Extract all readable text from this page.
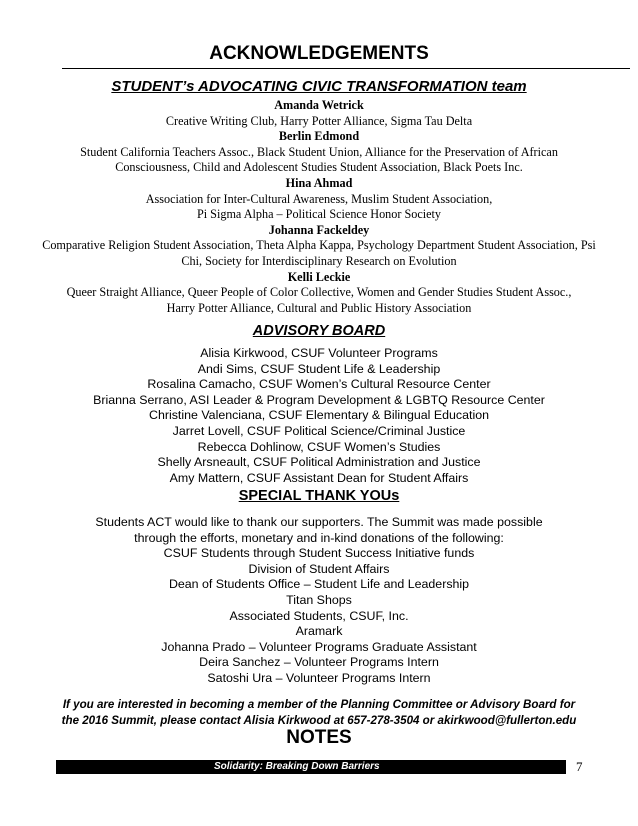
ACKNOWLEDGEMENTS
STUDENT’s ADVOCATING CIVIC TRANSFORMATION team
Amanda Wetrick
Creative Writing Club, Harry Potter Alliance, Sigma Tau Delta
Berlin Edmond
Student California Teachers Assoc., Black Student Union, Alliance for the Preservation of African
Consciousness, Child and Adolescent Studies Student Association, Black Poets Inc.
Hina Ahmad
Association for Inter-Cultural Awareness, Muslim Student Association,
Pi Sigma Alpha – Political Science Honor Society
Johanna Fackeldey
Comparative Religion Student Association, Theta Alpha Kappa, Psychology Department Student Association, Psi
Chi, Society for Interdisciplinary Research on Evolution
Kelli Leckie
Queer Straight Alliance, Queer People of Color Collective, Women and Gender Studies Student Assoc.,
Harry Potter Alliance, Cultural and Public History Association
ADVISORY BOARD
Alisia Kirkwood, CSUF Volunteer Programs
Andi Sims, CSUF Student Life & Leadership
Rosalina Camacho, CSUF Women’s Cultural Resource Center
Brianna Serrano, ASI Leader & Program Development & LGBTQ Resource Center
Christine Valenciana, CSUF Elementary & Bilingual Education
Jarret Lovell, CSUF Political Science/Criminal Justice
Rebecca Dohlinow, CSUF Women’s Studies
Shelly Arsneault, CSUF Political Administration and Justice
Amy Mattern, CSUF Assistant Dean for Student Affairs
SPECIAL THANK YOUs
Students ACT would like to thank our supporters. The Summit was made possible
through the efforts, monetary and in-kind donations of the following:
CSUF Students through Student Success Initiative funds
Division of Student Affairs
Dean of Students Office – Student Life and Leadership
Titan Shops
Associated Students, CSUF, Inc.
Aramark
Johanna Prado – Volunteer Programs Graduate Assistant
Deira Sanchez – Volunteer Programs Intern
Satoshi Ura – Volunteer Programs Intern
If you are interested in becoming a member of the Planning Committee or Advisory Board for
the 2016 Summit, please contact Alisia Kirkwood at 657-278-3504 or akirkwood@fullerton.edu
NOTES
Solidarity: Breaking Down Barriers	7
